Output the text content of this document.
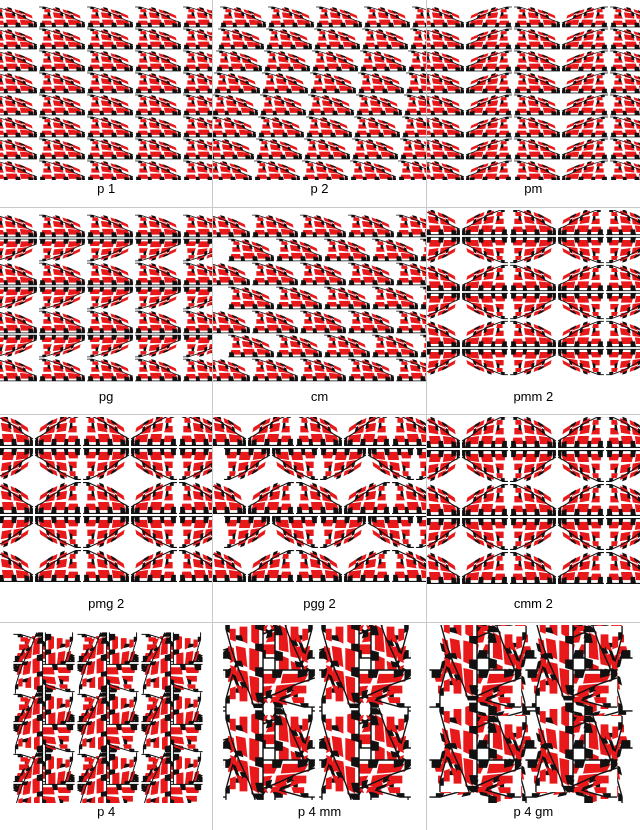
p 1	p 2	pm
pg	cm	pmm 2
pmg 2	pgg 2	cmm 2
p 4	p 4 mm	p 4 gm
